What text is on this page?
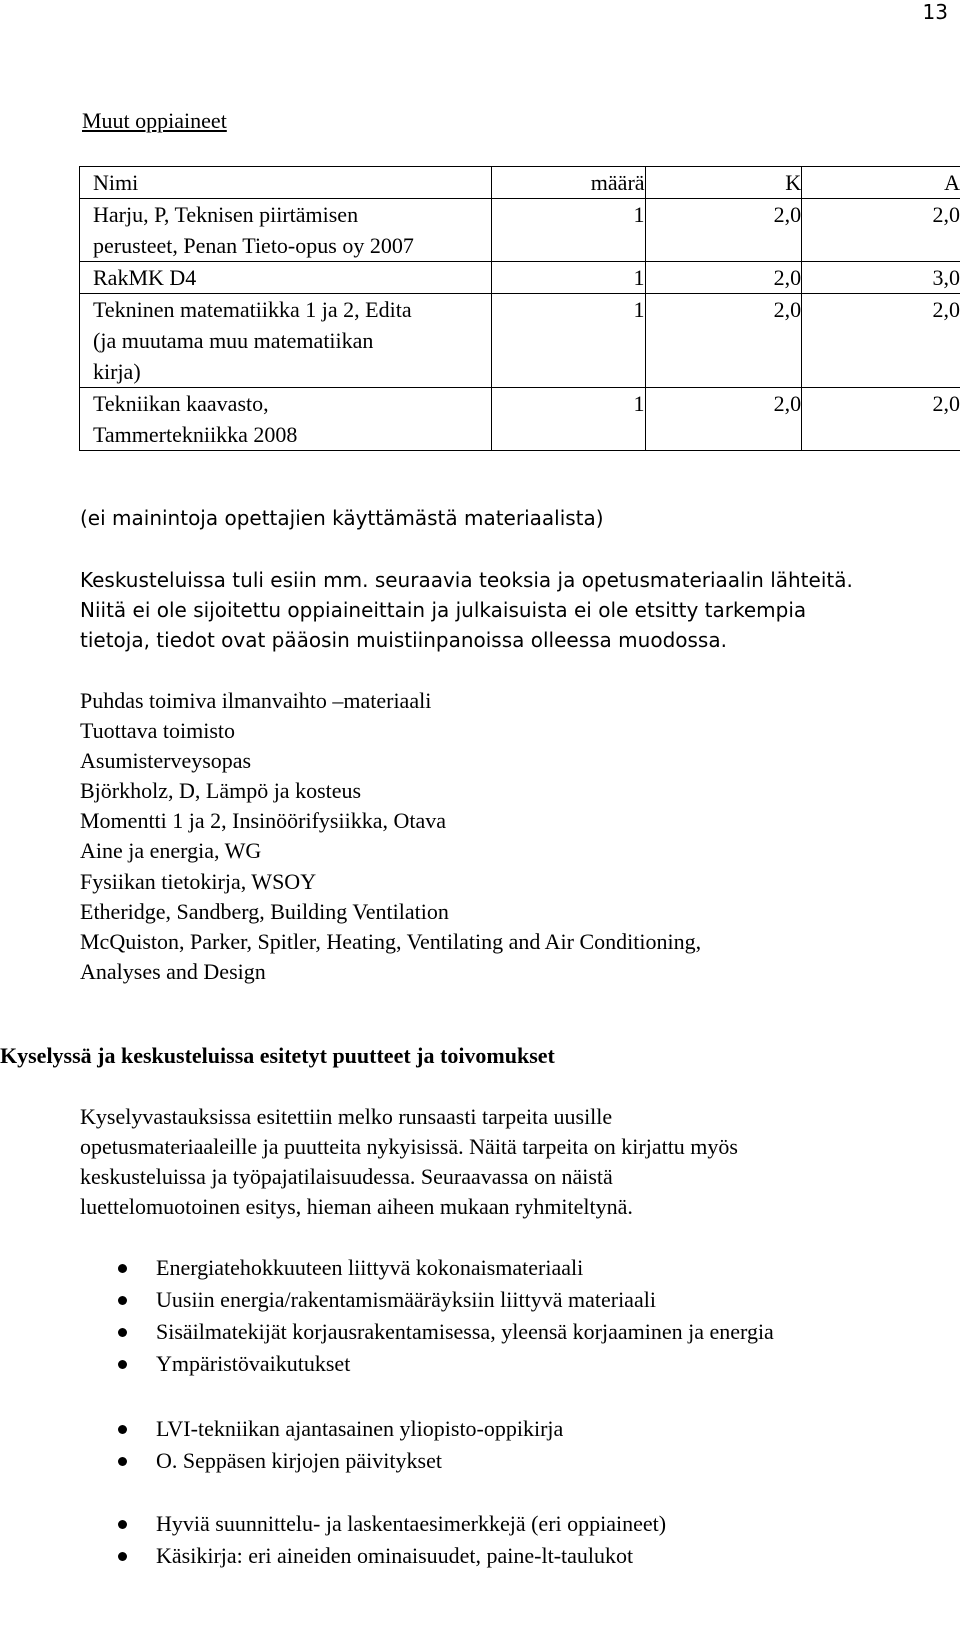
13
Muut oppiaineet
Nimi	määrä	K	A

Harju, P, Teknisen piirtämisen perusteet, Penan Tieto-opus oy 2007	1	2,0	2,0

RakMK D4	1	2,0	3,0

Tekninen matematiikka 1 ja 2, Edita (ja muutama muu matematiikan kirja)	1	2,0	2,0

Tekniikan kaavasto, Tammertekniikka 2008	1	2,0	2,0
(ei mainintoja opettajien käyttämästä materiaalista)
Keskusteluissa tuli esiin mm. seuraavia teoksia ja opetusmateriaalin lähteitä.
Niitä ei ole sijoitettu oppiaineittain ja julkaisuista ei ole etsitty tarkempia
tietoja, tiedot ovat pääosin muistiinpanoissa olleessa muodossa.
Puhdas toimiva ilmanvaihto –materiaali
Tuottava toimisto
Asumisterveysopas
Björkholz, D, Lämpö ja kosteus
Momentti 1 ja 2, Insinöörifysiikka, Otava
Aine ja energia, WG
Fysiikan tietokirja, WSOY
Etheridge, Sandberg, Building Ventilation
McQuiston, Parker, Spitler, Heating, Ventilating and Air Conditioning,
Analyses and Design
Kyselyssä ja keskusteluissa esitetyt puutteet ja toivomukset
Kyselyvastauksissa esitettiin melko runsaasti tarpeita uusille
opetusmateriaaleille ja puutteita nykyisissä. Näitä tarpeita on kirjattu myös
keskusteluissa ja työpajatilaisuudessa. Seuraavassa on näistä
luettelomuotoinen esitys, hieman aiheen mukaan ryhmiteltynä.
Energiatehokkuuteen liittyvä kokonaismateriaali
Uusiin energia/rakentamismääräyksiin liittyvä materiaali
Sisäilmatekijät korjausrakentamisessa, yleensä korjaaminen ja energia
Ympäristövaikutukset
LVI-tekniikan ajantasainen yliopisto-oppikirja
O. Seppäsen kirjojen päivitykset
Hyviä suunnittelu- ja laskentaesimerkkejä (eri oppiaineet)
Käsikirja: eri aineiden ominaisuudet, paine-lt-taulukot
